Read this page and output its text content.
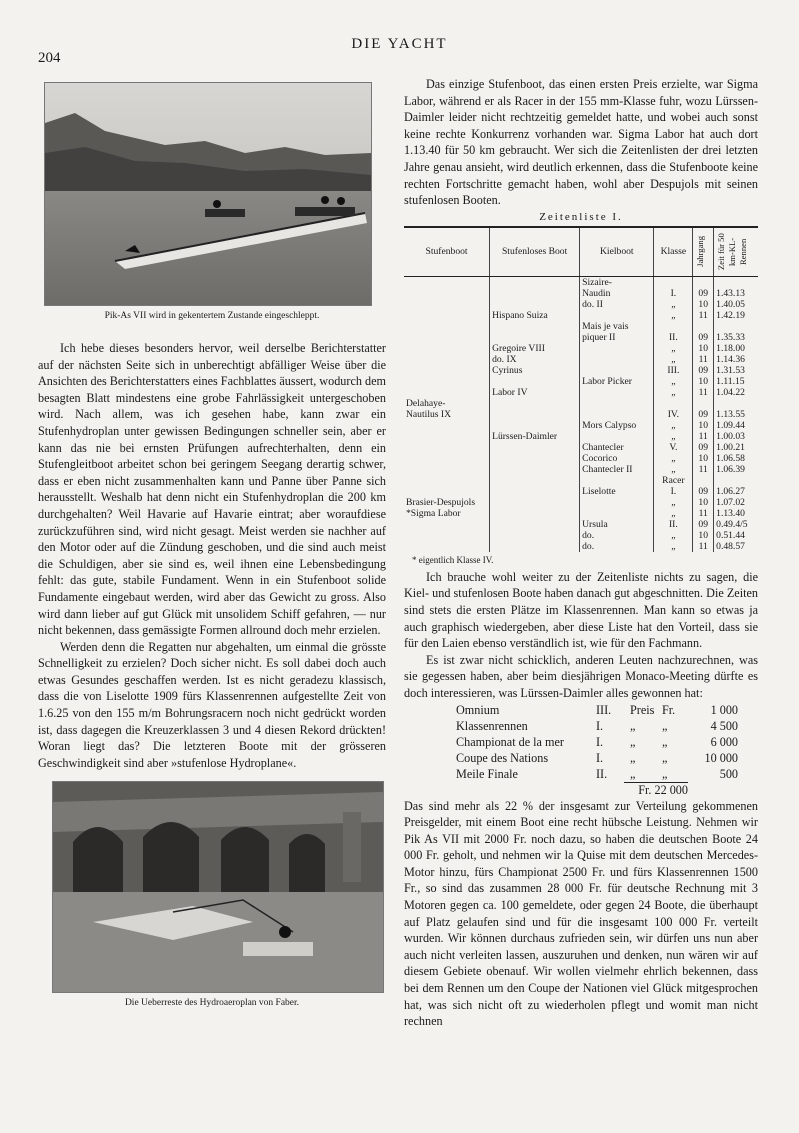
DIE YACHT
204

Pik-As VII wird in gekentertem Zustande eingeschleppt.

Ich hebe dieses besonders hervor, weil derselbe Berichterstatter auf der nächsten Seite sich in unberechtigt abfälliger Weise über die Ansichten des Berichterstatters eines Fachblattes äussert, wodurch dem besagten Blatt mindestens eine grobe Fahrlässigkeit untergeschoben wird. Nach allem, was ich gesehen habe, kann zwar ein Stufenhydroplan unter gewissen Bedingungen schneller sein, aber er kann das nie bei ernsten Prüfungen aufrechterhalten, denn ein Stufengleitboot arbeitet schon bei geringem Seegang derartig schwer, dass er eben nicht zusammenhalten kann und Panne über Panne sich herausstellt. Weshalb hat denn nicht ein Stufenhydroplan die 200 km durchgehalten? Weil Havarie auf Havarie eintrat; aber woraufdiese zurückzuführen sind, wird nicht gesagt. Meist werden sie nachher auf den Motor oder auf die Zündung geschoben, und die sind auch meist die Schuldigen, aber sie sind es, weil ihnen eine Lebensbedingung fehlt: das gute, stabile Fundament. Wenn in ein Stufenboot solide Fundamente eingebaut werden, wird aber das Gewicht zu gross. Also wird dann lieber auf gut Glück mit unsolidem Schiff gefahren, — nur nicht bekennen, dass gemässigte Formen allround doch mehr erzielen.

Werden denn die Regatten nur abgehalten, um einmal die grösste Schnelligkeit zu erzielen? Doch sicher nicht. Es soll dabei doch auch etwas Gesundes geschaffen werden. Ist es nicht geradezu klassisch, dass die von Liselotte 1909 fürs Klassenrennen aufgestellte Zeit von 1.6.25 von den 155 m/m Bohrungsracern noch nicht gedrückt worden ist, dass dagegen die Kreuzerklassen 3 und 4 diesen Rekord drückten! Woran liegt das? Die letzteren Boote mit der grösseren Geschwindigkeit sind aber »stufenlose Hydroplane«.

Die Ueberreste des Hydroaeroplan von Faber.

Das einzige Stufenboot, das einen ersten Preis erzielte, war Sigma Labor, während er als Racer in der 155 mm-Klasse fuhr, wozu Lürssen-Daimler leider nicht rechtzeitig gemeldet hatte, und wobei auch sonst keine rechte Konkurrenz vorhanden war. Sigma Labor hat auch dort 1.13.40 für 50 km gebraucht. Wer sich die Zeitenlisten der drei letzten Jahre genau ansieht, wird deutlich erkennen, dass die Stufenboote keine rechten Fortschritte gemacht haben, wohl aber Despujols mit seinen stufenlosen Booten.

Zeitenliste I.
Stufenboot	Stufenloses Boot	Kielboot	Klasse	Jahrgang	Zeit für 50 km-KL-Rennen

		Sizaire-			
		Naudin	I.	09	1.43.13
		do. II	„	10	1.40.05
	Hispano Suiza		„	11	1.42.19
		Mais je vais			
		piquer II	II.	09	1.35.33
	Gregoire VIII		„	10	1.18.00
	do. IX		„	11	1.14.36
	Cyrinus		III.	09	1.31.53
		Labor Picker	„	10	1.11.15
	Labor IV		„	11	1.04.22
Delahaye-					
Nautilus IX			IV.	09	1.13.55
		Mors Calypso	„	10	1.09.44
	Lürssen-Daimler		„	11	1.00.03
		Chantecler	V.	09	1.00.21
		Cocorico	„	10	1.06.58
		Chantecler II	„	11	1.06.39
			Racer		
		Liselotte	I.	09	1.06.27
Brasier-Despujols			„	10	1.07.02
*Sigma Labor			„	11	1.13.40
		Ursula	II.	09	0.49.4/5
		do.	„	10	0.51.44
		do.	„	11	0.48.57
* eigentlich Klasse IV.

Ich brauche wohl weiter zu der Zeitenliste nichts zu sagen, die Kiel- und stufenlosen Boote haben danach gut abgeschnitten. Die Zeiten sind stets die ersten Plätze im Klassenrennen. Man kann so etwas ja auch graphisch wiedergeben, aber diese Liste hat den Vorteil, dass sie für den Laien ebenso verständlich ist, wie für den Fachmann.

Es ist zwar nicht schicklich, anderen Leuten nachzurechnen, was sie gegessen haben, aber beim diesjährigen Monaco-Meeting dürfte es doch interessieren, was Lürssen-Daimler alles gewonnen hat:

Omnium	III.	Preis Fr.	1 000
Klassenrennen	I.	„	„	4 500
Championat de la mer	I.	„	„	6 000
Coupe des Nations	I.	„	„	10 000
Meile Finale	II.	„	„	500
Fr. 22 000

Das sind mehr als 22 % der insgesamt zur Verteilung gekommenen Preisgelder, mit einem Boot eine recht hübsche Leistung. Nehmen wir Pik As VII mit 2000 Fr. noch dazu, so haben die deutschen Boote 24 000 Fr. geholt, und nehmen wir la Quise mit dem deutschen Mercedes-Motor hinzu, fürs Championat 2500 Fr. und fürs Klassenrennen 1500 Fr., so sind das zusammen 28 000 Fr. für deutsche Rechnung mit 3 Motoren gegen ca. 100 gemeldete, oder gegen 24 Boote, die überhaupt auf Platz gelaufen sind und für die insgesamt 100 000 Fr. verteilt wurden. Wir können durchaus zufrieden sein, wir dürfen uns nun aber auch nicht verleiten lassen, auszuruhen und denken, nun wären wir auf diesem Gebiete obenauf. Wir wollen vielmehr ehrlich bekennen, dass bei dem Rennen um den Coupe der Nationen viel Glück mitgesprochen hat, was sich nicht oft zu wiederholen pflegt und womit man nicht rechnen
